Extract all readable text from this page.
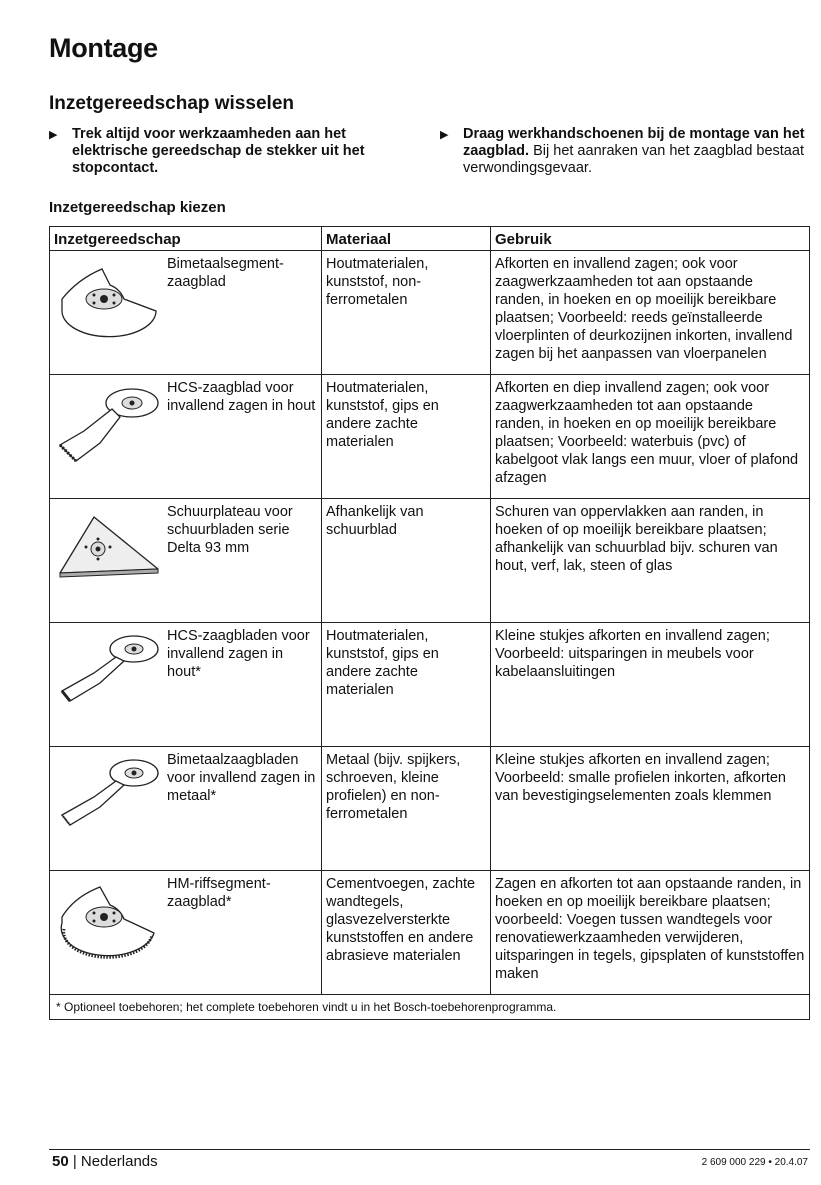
Montage
Inzetgereedschap wisselen
▶ Trek altijd voor werkzaamheden aan het elektrische gereedschap de stekker uit het stopcontact.
▶ Draag werkhandschoenen bij de montage van het zaagblad. Bij het aanraken van het zaagblad bestaat verwondingsgevaar.
Inzetgereedschap kiezen
Inzetgereedschap	Materiaal	Gebruik

Bimetaalsegment-zaagblad	Houtmaterialen, kunststof, non-ferrometalen	Afkorten en invallend zagen; ook voor zaagwerkzaamheden tot aan opstaande randen, in hoeken en op moeilijk bereikbare plaatsen; Voorbeeld: reeds geïnstalleerde vloerplinten of deurkozijnen inkorten, invallend zagen bij het aanpassen van vloerpanelen

HCS-zaagblad voor invallend zagen in hout	Houtmaterialen, kunststof, gips en andere zachte materialen	Afkorten en diep invallend zagen; ook voor zaagwerkzaamheden tot aan opstaande randen, in hoeken en op moeilijk bereikbare plaatsen; Voorbeeld: waterbuis (pvc) of kabelgoot vlak langs een muur, vloer of plafond afzagen

Schuurplateau voor schuurbladen serie Delta 93 mm	Afhankelijk van schuurblad	Schuren van oppervlakken aan randen, in hoeken of op moeilijk bereikbare plaatsen; afhankelijk van schuurblad bijv. schuren van hout, verf, lak, steen of glas

HCS-zaagbladen voor invallend zagen in hout*	Houtmaterialen, kunststof, gips en andere zachte materialen	Kleine stukjes afkorten en invallend zagen; Voorbeeld: uitsparingen in meubels voor kabelaansluitingen

Bimetaalzaagbladen voor invallend zagen in metaal*	Metaal (bijv. spijkers, schroeven, kleine profielen) en non-ferrometalen	Kleine stukjes afkorten en invallend zagen; Voorbeeld: smalle profielen inkorten, afkorten van bevestigingselementen zoals klemmen

HM-riffsegment-zaagblad*	Cementvoegen, zachte wandtegels, glasvezelversterkte kunststoffen en andere abrasieve materialen	Zagen en afkorten tot aan opstaande randen, in hoeken en op moeilijk bereikbare plaatsen; voorbeeld: Voegen tussen wandtegels voor renovatiewerkzaamheden verwijderen, uitsparingen in tegels, gipsplaten of kunststoffen maken
* Optioneel toebehoren; het complete toebehoren vindt u in het Bosch-toebehorenprogramma.		
50 | Nederlands	2 609 000 229 • 20.4.07
